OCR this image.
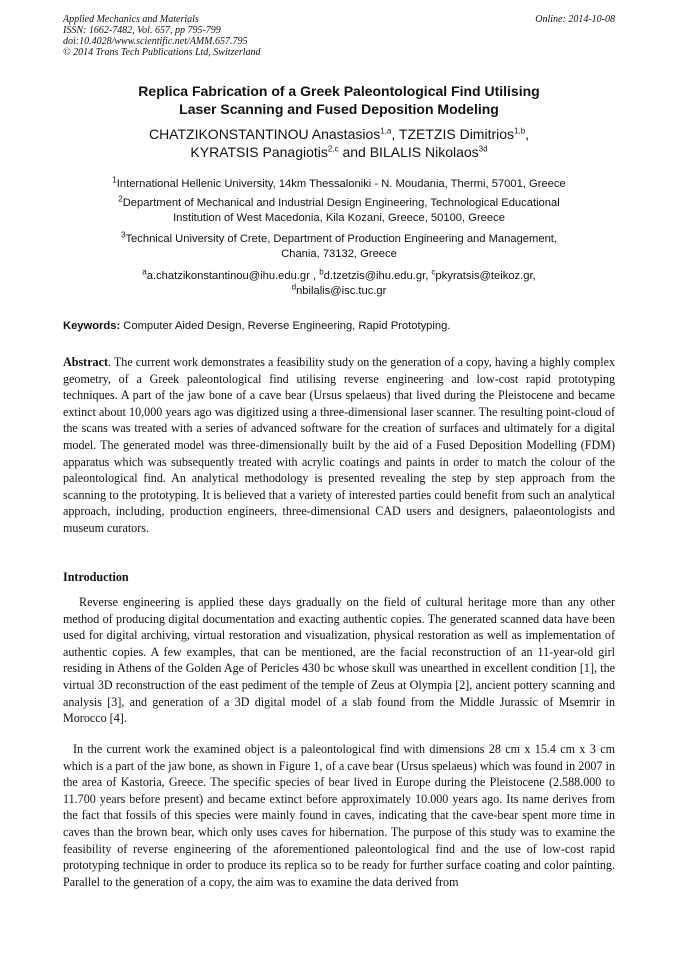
Applied Mechanics and Materials
ISSN: 1662-7482, Vol. 657, pp 795-799
doi:10.4028/www.scientific.net/AMM.657.795
© 2014 Trans Tech Publications Ltd, Switzerland
Online: 2014-10-08
Replica Fabrication of a Greek Paleontological Find Utilising
Laser Scanning and Fused Deposition Modeling
CHATZIKONSTANTINOU Anastasios$^{1,a}$, TZETZIS Dimitrios$^{1,b}$,
KYRATSIS Panagiotis$^{2,c}$ and BILALIS Nikolaos$^{3d}$
$^1$International Hellenic University, 14km Thessaloniki - N. Moudania, Thermi, 57001, Greece
$^2$Department of Mechanical and Industrial Design Engineering, Technological Educational
Institution of West Macedonia, Kila Kozani, Greece, 50100, Greece
$^3$Technical University of Crete, Department of Production Engineering and Management,
Chania, 73132, Greece
$^a$a.chatzikonstantinou@ihu.edu.gr , $^b$d.tzetzis@ihu.edu.gr, $^c$pkyratsis@teikoz.gr,
$^d$nbilalis@isc.tuc.gr
Keywords: Computer Aided Design, Reverse Engineering, Rapid Prototyping.
Abstract. The current work demonstrates a feasibility study on the generation of a copy, having a highly complex geometry, of a Greek paleontological find utilising reverse engineering and low-cost rapid prototyping techniques. A part of the jaw bone of a cave bear (Ursus spelaeus) that lived during the Pleistocene and became extinct about 10,000 years ago was digitized using a three-dimensional laser scanner. The resulting point-cloud of the scans was treated with a series of advanced software for the creation of surfaces and ultimately for a digital model. The generated model was three-dimensionally built by the aid of a Fused Deposition Modelling (FDM) apparatus which was subsequently treated with acrylic coatings and paints in order to match the colour of the paleontological find. An analytical methodology is presented revealing the step by step approach from the scanning to the prototyping. It is believed that a variety of interested parties could benefit from such an analytical approach, including, production engineers, three-dimensional CAD users and designers, palaeontologists and museum curators.
Introduction
Reverse engineering is applied these days gradually on the field of cultural heritage more than any other method of producing digital documentation and exacting authentic copies. The generated scanned data have been used for digital archiving, virtual restoration and visualization, physical restoration as well as implementation of authentic copies. A few examples, that can be mentioned, are the facial reconstruction of an 11-year-old girl residing in Athens of the Golden Age of Pericles 430 bc whose skull was unearthed in excellent condition [1], the virtual 3D reconstruction of the east pediment of the temple of Zeus at Olympia [2], ancient pottery scanning and analysis [3], and generation of a 3D digital model of a slab found from the Middle Jurassic of Msemrir in Morocco [4].
In the current work the examined object is a paleontological find with dimensions 28 cm x 15.4 cm x 3 cm which is a part of the jaw bone, as shown in Figure 1, of a cave bear (Ursus spelaeus) which was found in 2007 in the area of Kastoria, Greece. The specific species of bear lived in Europe during the Pleistocene (2.588.000 to 11.700 years before present) and became extinct before approximately 10.000 years ago. Its name derives from the fact that fossils of this species were mainly found in caves, indicating that the cave-bear spent more time in caves than the brown bear, which only uses caves for hibernation. The purpose of this study was to examine the feasibility of reverse engineering of the aforementioned paleontological find and the use of low-cost rapid prototyping technique in order to produce its replica so to be ready for further surface coating and color painting. Parallel to the generation of a copy, the aim was to examine the data derived from
